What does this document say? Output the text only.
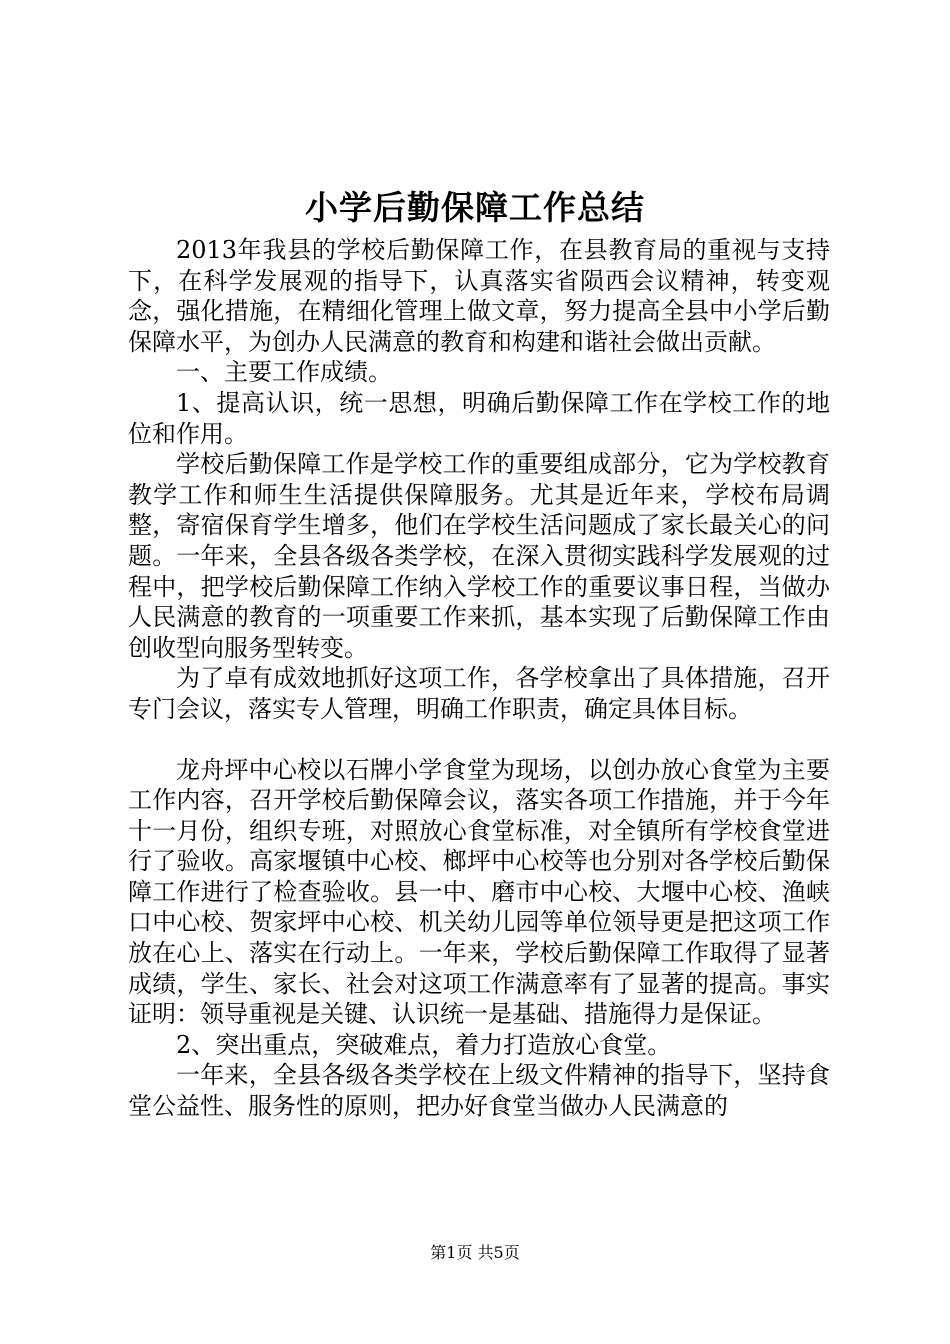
小学后勤保障工作总结

2013年我县的学校后勤保障工作，在县教育局的重视与支持下，在科学发展观的指导下，认真落实省陨西会议精神，转变观念，强化措施，在精细化管理上做文章，努力提高全县中小学后勤保障水平，为创办人民满意的教育和构建和谐社会做出贡献。

一、主要工作成绩。

1、提高认识，统一思想，明确后勤保障工作在学校工作的地位和作用。

学校后勤保障工作是学校工作的重要组成部分，它为学校教育教学工作和师生生活提供保障服务。尤其是近年来，学校布局调整，寄宿保育学生增多，他们在学校生活问题成了家长最关心的问题。一年来，全县各级各类学校，在深入贯彻实践科学发展观的过程中，把学校后勤保障工作纳入学校工作的重要议事日程，当做办人民满意的教育的一项重要工作来抓，基本实现了后勤保障工作由创收型向服务型转变。

为了卓有成效地抓好这项工作，各学校拿出了具体措施，召开专门会议，落实专人管理，明确工作职责，确定具体目标。

龙舟坪中心校以石牌小学食堂为现场，以创办放心食堂为主要工作内容，召开学校后勤保障会议，落实各项工作措施，并于今年十一月份，组织专班，对照放心食堂标准，对全镇所有学校食堂进行了验收。高家堰镇中心校、榔坪中心校等也分别对各学校后勤保障工作进行了检查验收。县一中、磨市中心校、大堰中心校、渔峡口中心校、贺家坪中心校、机关幼儿园等单位领导更是把这项工作放在心上、落实在行动上。一年来，学校后勤保障工作取得了显著成绩，学生、家长、社会对这项工作满意率有了显著的提高。事实证明：领导重视是关键、认识统一是基础、措施得力是保证。

2、突出重点，突破难点，着力打造放心食堂。

一年来，全县各级各类学校在上级文件精神的指导下，坚持食堂公益性、服务性的原则，把办好食堂当做办人民满意的

第1页 共5页
